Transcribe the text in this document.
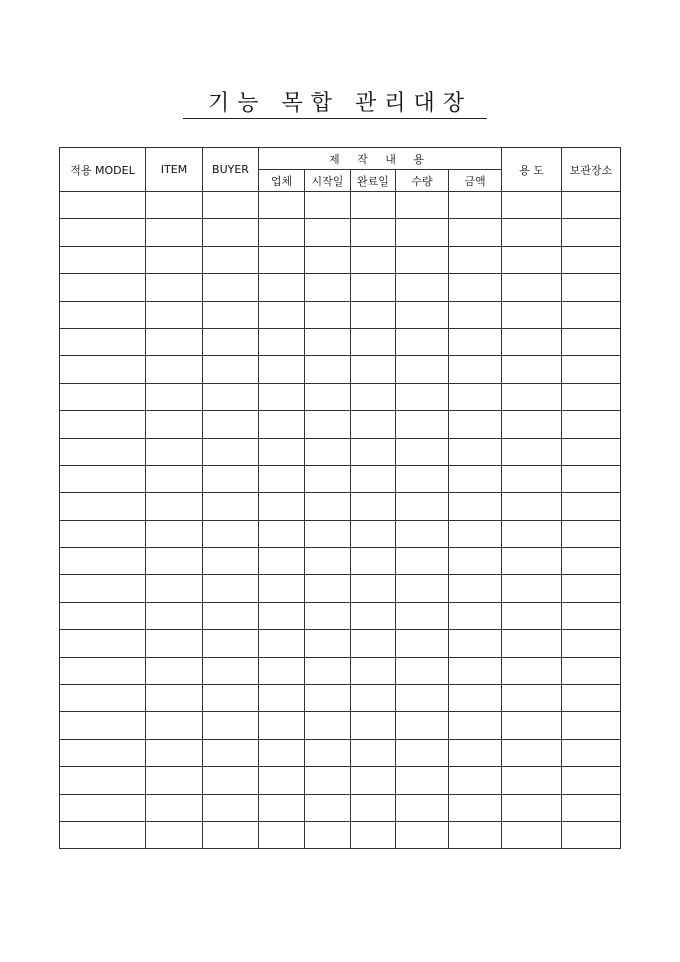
기능 목합 관리대장
적용 MODEL	ITEM	BUYER	제 작 내 용					용 도	보관장소
			업체	시작일	완료일	수량	금액		
